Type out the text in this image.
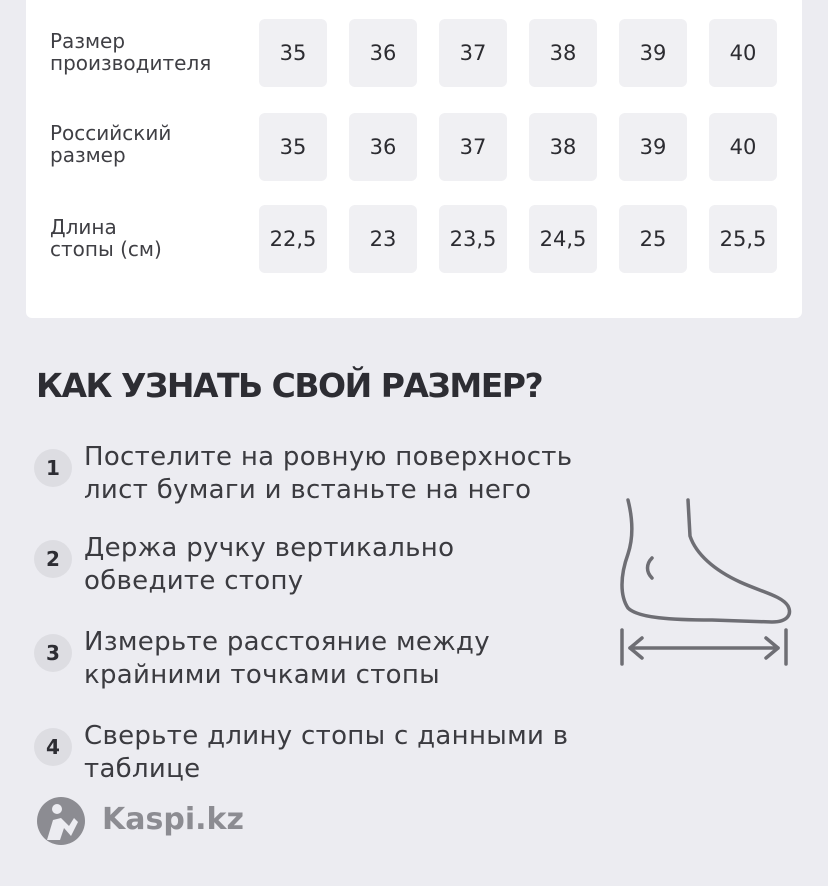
Размер
производителя	35	36	37	38	39	40
Российский
размер	35	36	37	38	39	40
Длина
стопы (см)	22,5	23	23,5	24,5	25	25,5
КАК УЗНАТЬ СВОЙ РАЗМЕР?
1 Постелите на ровную поверхность
лист бумаги и встаньте на него
2 Держа ручку вертикально
обведите стопу
3 Измерьте расстояние между
крайними точками стопы
4 Сверьте длину стопы с данными в
таблице
Kaspi.kz
